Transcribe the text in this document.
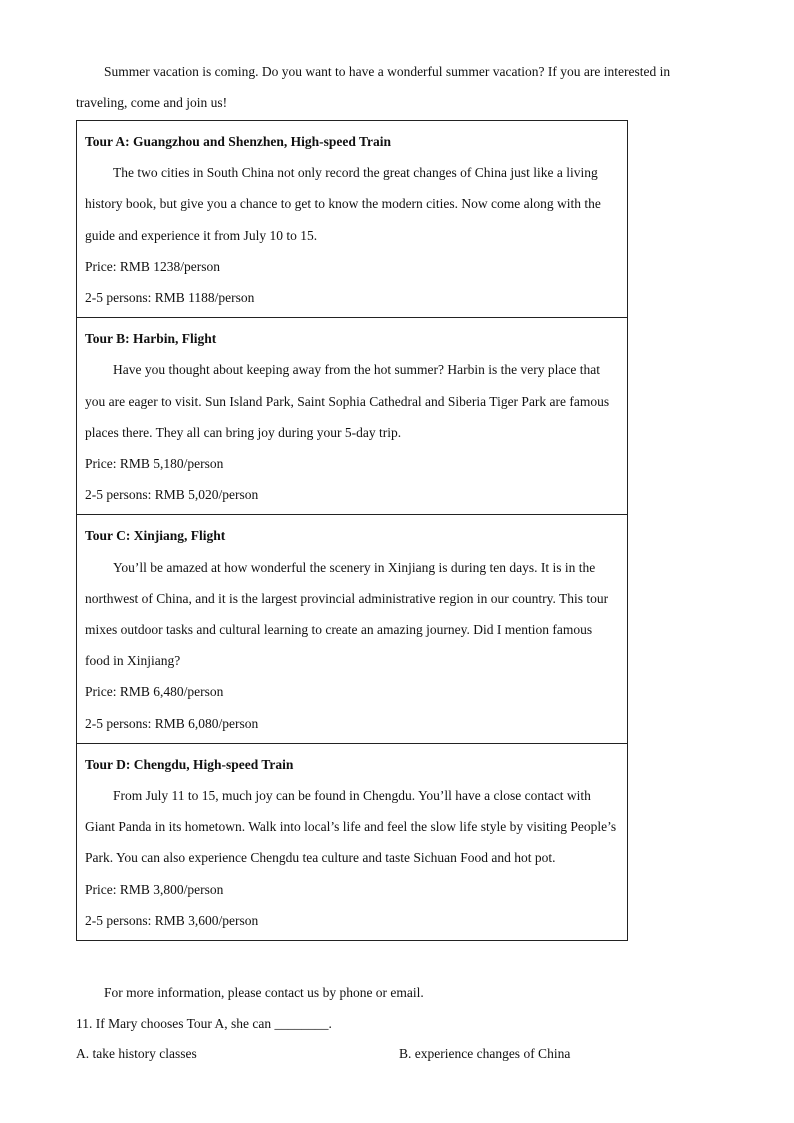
Summer vacation is coming. Do you want to have a wonderful summer vacation? If you are interested in traveling, come and join us!

Tour A: Guangzhou and Shenzhen, High-speed Train
The two cities in South China not only record the great changes of China just like a living history book, but give you a chance to get to know the modern cities. Now come along with the guide and experience it from July 10 to 15.
Price: RMB 1238/person
2-5 persons: RMB 1188/person
Tour B: Harbin, Flight
Have you thought about keeping away from the hot summer? Harbin is the very place that you are eager to visit. Sun Island Park, Saint Sophia Cathedral and Siberia Tiger Park are famous places there. They all can bring joy during your 5-day trip.
Price: RMB 5,180/person
2-5 persons: RMB 5,020/person
Tour C: Xinjiang, Flight
You’ll be amazed at how wonderful the scenery in Xinjiang is during ten days. It is in the northwest of China, and it is the largest provincial administrative region in our country. This tour mixes outdoor tasks and cultural learning to create an amazing journey. Did I mention famous food in Xinjiang?
Price: RMB 6,480/person
2-5 persons: RMB 6,080/person
Tour D: Chengdu, High-speed Train
From July 11 to 15, much joy can be found in Chengdu. You’ll have a close contact with Giant Panda in its hometown. Walk into local’s life and feel the slow life style by visiting People’s Park. You can also experience Chengdu tea culture and taste Sichuan Food and hot pot.
Price: RMB 3,800/person
2-5 persons: RMB 3,600/person

For more information, please contact us by phone or email.

11. If Mary chooses Tour A, she can ________.

A. take history classes	B. experience changes of China
